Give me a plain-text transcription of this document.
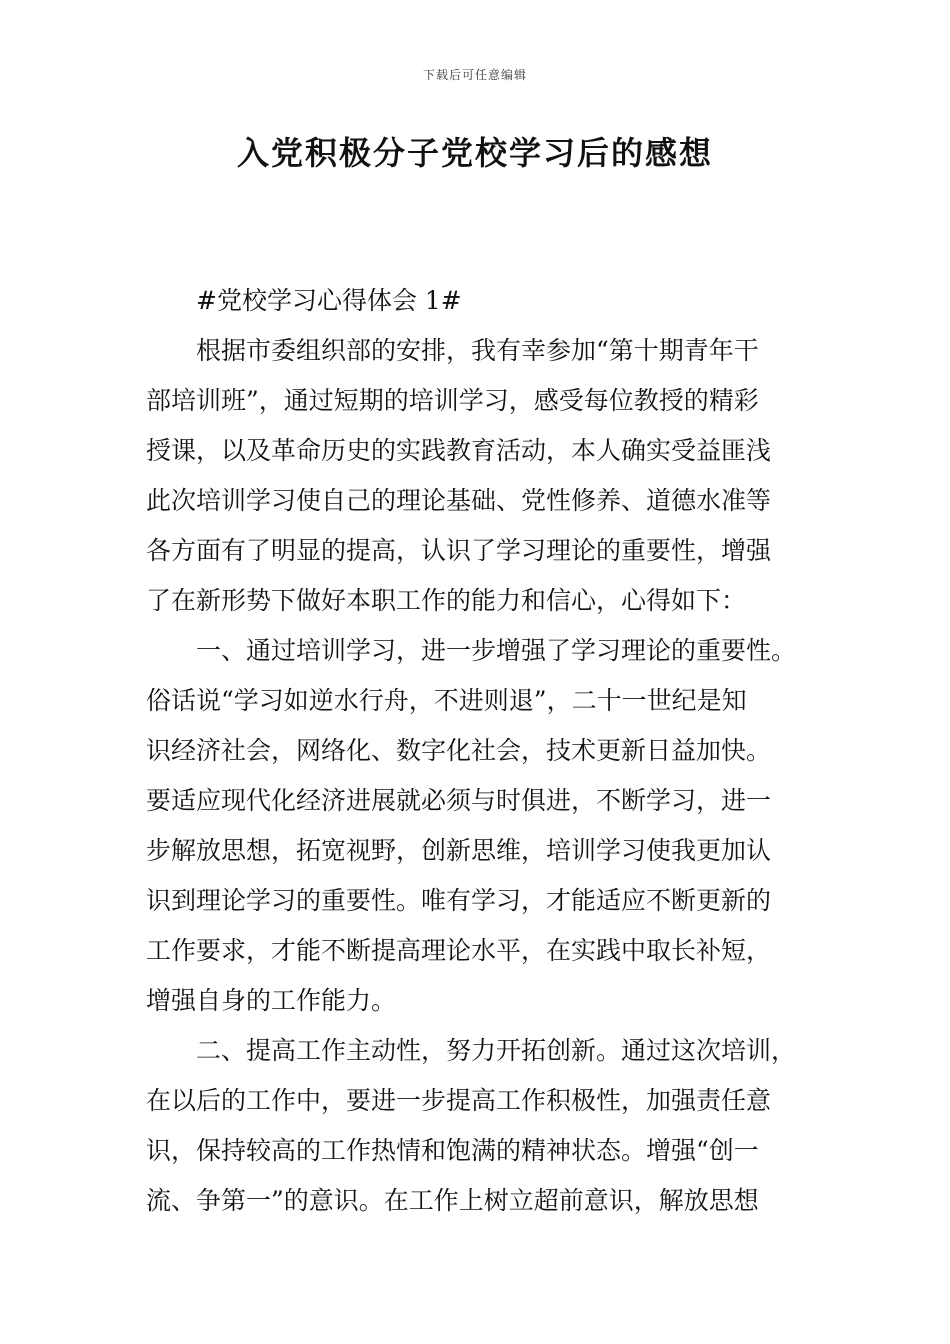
下载后可任意编辑
入党积极分子党校学习后的感想
#党校学习心得体会 1#
根据市委组织部的安排，我有幸参加“第十期青年干
部培训班”，通过短期的培训学习，感受每位教授的精彩
授课，以及革命历史的实践教育活动，本人确实受益匪浅
此次培训学习使自己的理论基础、党性修养、道德水准等
各方面有了明显的提高，认识了学习理论的重要性，增强
了在新形势下做好本职工作的能力和信心，心得如下：
一、通过培训学习，进一步增强了学习理论的重要性。
俗话说“学习如逆水行舟，不进则退”，二十一世纪是知
识经济社会，网络化、数字化社会，技术更新日益加快。
要适应现代化经济进展就必须与时俱进，不断学习，进一
步解放思想，拓宽视野，创新思维，培训学习使我更加认
识到理论学习的重要性。唯有学习，才能适应不断更新的
工作要求，才能不断提高理论水平，在实践中取长补短，
增强自身的工作能力。
二、提高工作主动性，努力开拓创新。通过这次培训，
在以后的工作中，要进一步提高工作积极性，加强责任意
识，保持较高的工作热情和饱满的精神状态。增强“创一
流、争第一”的意识。在工作上树立超前意识，解放思想
